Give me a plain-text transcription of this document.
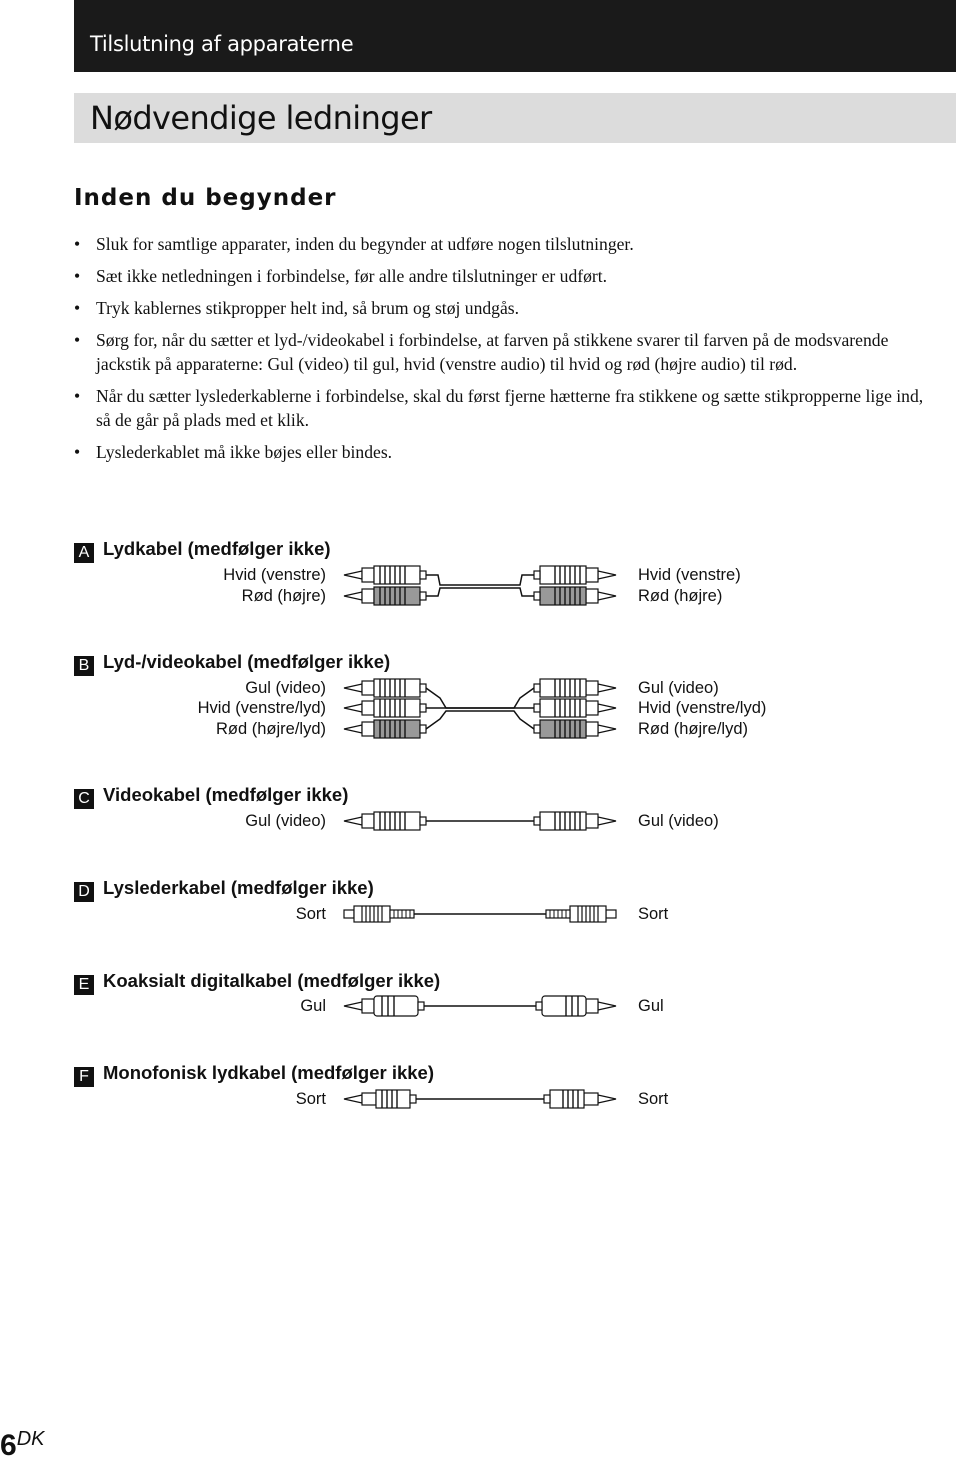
Tilslutning af apparaterne
Nødvendige ledninger
Inden du begynder
• Sluk for samtlige apparater, inden du begynder at udføre nogen tilslutninger.
• Sæt ikke netledningen i forbindelse, før alle andre tilslutninger er udført.
• Tryk kablernes stikpropper helt ind, så brum og støj undgås.
• Sørg for, når du sætter et lyd-/videokabel i forbindelse, at farven på stikkene svarer til farven på de modsvarende jackstik på apparaterne: Gul (video) til gul, hvid (venstre audio) til hvid og rød (højre audio) til rød.
• Når du sætter lyslederkablerne i forbindelse, skal du først fjerne hætterne fra stikkene og sætte stikpropperne lige ind, så de går på plads med et klik.
• Lyslederkablet må ikke bøjes eller bindes.
A Lydkabel (medfølger ikke)
Hvid (venstre)
Rød (højre)
Hvid (venstre)
Rød (højre)
B Lyd-/videokabel (medfølger ikke)
Gul (video)
Hvid (venstre/lyd)
Rød (højre/lyd)
Gul (video)
Hvid (venstre/lyd)
Rød (højre/lyd)
C Videokabel (medfølger ikke)
Gul (video)	Gul (video)
D Lyslederkabel (medfølger ikke)
Sort	Sort
E Koaksialt digitalkabel (medfølger ikke)
Gul	Gul
F Monofonisk lydkabel (medfølger ikke)
Sort	Sort
$6^{DK}$
